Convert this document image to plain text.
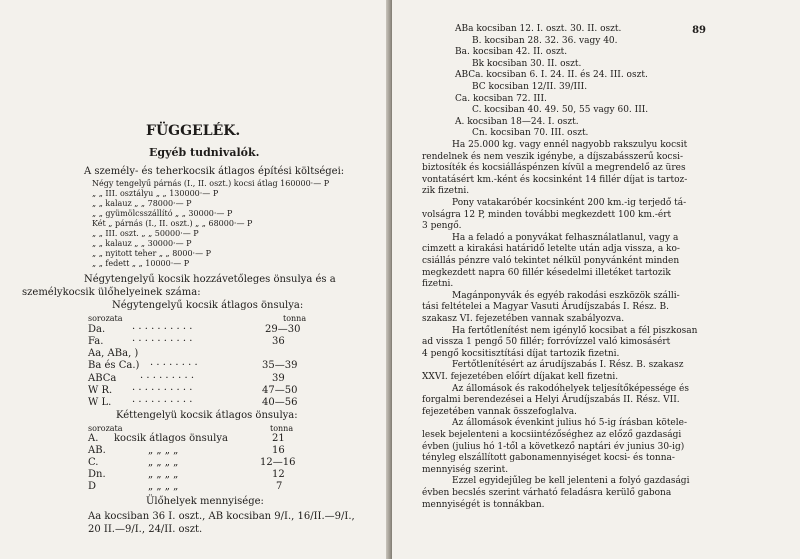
FÜGGELÉK.
Egyéb tudnivalók.
A személy- és teherkocsik átlagos építési költségei:
Négy tengelyű párnás (I., II. oszt.) kocsi átlag 160000·— P
„ „ III. osztályu „ „ 130000·— P
„ „ kalauz „ „ 78000·— P
„ „ gyümölcsszállító „ „ 30000·— P
Két „ párnás (I., II. oszt.) „ „ 68000·— P
„ „ III. oszt. „ „ 50000·— P
„ „ kalauz „ „ 30000·— P
„ „ nyitott teher „ „ 8000·— P
„ „ fedett „ „ 10000·— P
Négytengelyű kocsik hozzávetőleges önsulya és a
személykocsik ülőhelyeinek száma:
Négytengelyű kocsik átlagos önsulya:
sorozata	tonna
Da.	· · · · · · · · · ·	29—30
Fa.	· · · · · · · · · ·	36
Aa, ABa, )
Ba és Ca.) · · · · · · · ·	35—39
ABCa · · · · · · · · ·	39
W R. · · · · · · · · · ·	47—50
W L. · · · · · · · · · ·	40—56
Kéttengelyü kocsik átlagos önsulya:
sorozata	tonna
A. kocsik átlagos önsulya	21
AB.	„ „ „ „	16
C.	„ „ „ „	12—16
Dn.	„ „ „ „	12
D	„ „ „ „	7
Ülőhelyek mennyisége:
Aa kocsiban 36 I. oszt., AB kocsiban 9/I., 16/II.—9/I.,
20 II.—9/I., 24/II. oszt.
89
ABa kocsiban 12. I. oszt. 30. II. oszt.
B. kocsiban 28. 32. 36. vagy 40.
Ba. kocsiban 42. II. oszt.
Bk kocsiban 30. II. oszt.
ABCa. kocsiban 6. I. 24. II. és 24. III. oszt.
BC kocsiban 12/II. 39/III.
Ca. kocsiban 72. III.
C. kocsiban 40. 49. 50, 55 vagy 60. III.
A. kocsiban 18—24. I. oszt.
Cn. kocsiban 70. III. oszt.
Ha 25.000 kg. vagy ennél nagyobb rakszulyu kocsit
rendelnek és nem veszik igénybe, a díjszabásszerű kocsi-
biztosíték és kocsiálláspénzen kívül a megrendelő az üres
vontatásért km.-ként és kocsinként 14 fillér díjat is tartoz-
zik fizetni.
Pony vatakaróbér kocsinként 200 km.-ig terjedő tá-
volságra 12 P, minden további megkezdett 100 km.-ért
3 pengő.
Ha a feladó a ponyvákat felhasználatlanul, vagy a
cimzett a kirakási határidő letelte után adja vissza, a ko-
csiállás pénzre való tekintet nélkül ponyvánként minden
megkezdett napra 60 fillér késedelmi illetéket tartozik
fizetni.
Magánponyvák és egyéb rakodási eszközök szálli-
tási feltételei a Magyar Vasuti Árudíjszabás I. Rész. B.
szakasz VI. fejezetében vannak szabályozva.
Ha fertőtlenítést nem igénylő kocsibat a fél piszkosan
ad vissza 1 pengő 50 fillér; forróvízzel való kimosásért
4 pengő kocsitisztítási díjat tartozik fizetni.
Fertőtlenítésért az árudíjszabás I. Rész. B. szakasz
XXVI. fejezetében előírt díjakat kell fizetni.
Az állomások és rakodóhelyek teljesítőképessége és
forgalmi berendezései a Helyi Árudíjszabás II. Rész. VII.
fejezetében vannak összefoglalva.
Az állomások évenkint julius hó 5-ig írásban kötele-
lesek bejelenteni a kocsiintézőséghez az előző gazdasági
évben (julius hó 1-től a következő naptári év junius 30-ig)
tényleg elszállított gabonamennyiséget kocsi- és tonna-
mennyiség szerint.
Ezzel egyidejűleg be kell jelenteni a folyó gazdasági
évben becslés szerint várható feladásra kerülő gabona
mennyiségét is tonnákban.
